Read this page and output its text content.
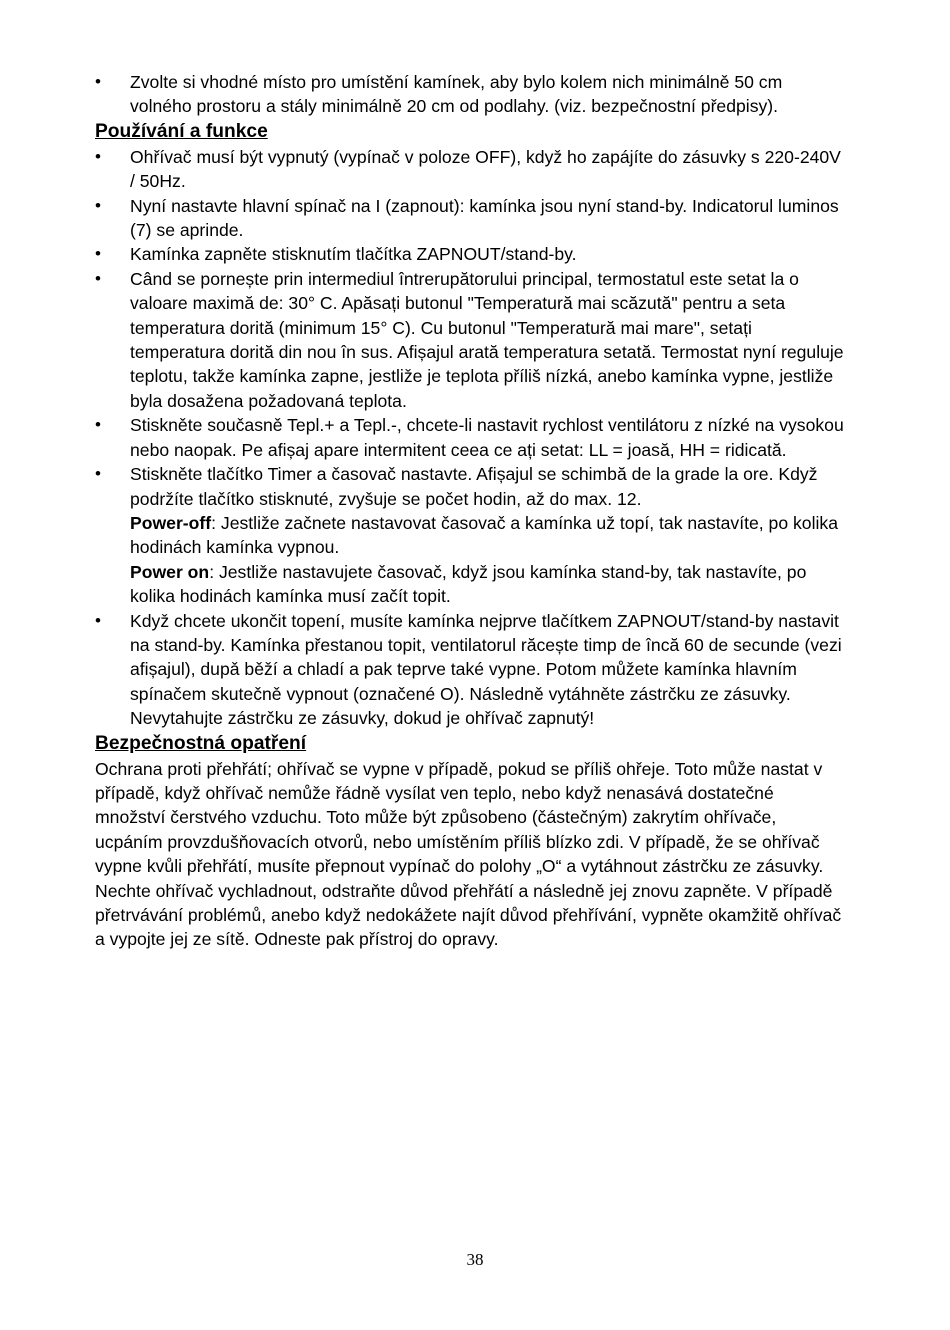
• Zvolte si vhodné místo pro umístění kamínek, aby bylo kolem nich minimálně 50 cm volného prostoru a stály minimálně 20 cm od podlahy. (viz. bezpečnostní předpisy).

Používání a funkce

• Ohřívač musí být vypnutý (vypínač v poloze OFF), když ho zapájíte do zásuvky s 220-240V / 50Hz.

• Nyní nastavte hlavní spínač na I (zapnout): kamínka jsou nyní stand-by. Indicatorul luminos (7) se aprinde.

• Kamínka zapněte stisknutím tlačítka ZAPNOUT/stand-by.

• Când se pornește prin intermediul întrerupătorului principal, termostatul este setat la o valoare maximă de: 30° C. Apăsați butonul "Temperatură mai scăzută" pentru a seta temperatura dorită (minimum 15° C). Cu butonul "Temperatură mai mare", setați temperatura dorită din nou în sus. Afișajul arată temperatura setată. Termostat nyní reguluje teplotu, takže kamínka zapne, jestliže je teplota příliš nízká, anebo kamínka vypne, jestliže byla dosažena požadovaná teplota.

• Stiskněte současně Tepl.+ a Tepl.-, chcete-li nastavit rychlost ventilátoru z nízké na vysokou nebo naopak. Pe afișaj apare intermitent ceea ce ați setat: LL = joasă, HH = ridicată.

• Stiskněte tlačítko Timer a časovač nastavte. Afișajul se schimbă de la grade la ore. Když podržíte tlačítko stisknuté, zvyšuje se počet hodin, až do max. 12.

Power-off: Jestliže začnete nastavovat časovač a kamínka už topí, tak nastavíte, po kolika hodinách kamínka vypnou.

Power on: Jestliže nastavujete časovač, když jsou kamínka stand-by, tak nastavíte, po kolika hodinách kamínka musí začít topit.

• Když chcete ukončit topení, musíte kamínka nejprve tlačítkem ZAPNOUT/stand-by nastavit na stand-by. Kamínka přestanou topit, ventilatorul răcește timp de încă 60 de secunde (vezi afișajul), dupǎ běží a chladí a pak teprve také vypne. Potom můžete kamínka hlavním spínačem skutečně vypnout (označené O). Následně vytáhněte zástrčku ze zásuvky. Nevytahujte zástrčku ze zásuvky, dokud je ohřívač zapnutý!

Bezpečnostná opatření

Ochrana proti přehřátí; ohřívač se vypne v případě, pokud se příliš ohřeje. Toto může nastat v případě, když ohřívač nemůže řádně vysílat ven teplo, nebo když nenasává dostatečné množství čerstvého vzduchu. Toto může být způsobeno (částečným) zakrytím ohřívače, ucpáním provzdušňovacích otvorů, nebo umístěním příliš blízko zdi. V případě, že se ohřívač vypne kvůli přehřátí, musíte přepnout vypínač do polohy „O“ a vytáhnout zástrčku ze zásuvky. Nechte ohřívač vychladnout, odstraňte důvod přehřátí a následně jej znovu zapněte. V případě přetrvávání problémů, anebo když nedokážete najít důvod přehřívání, vypněte okamžitě ohřívač a vypojte jej ze sítě. Odneste pak přístroj do opravy.

38
